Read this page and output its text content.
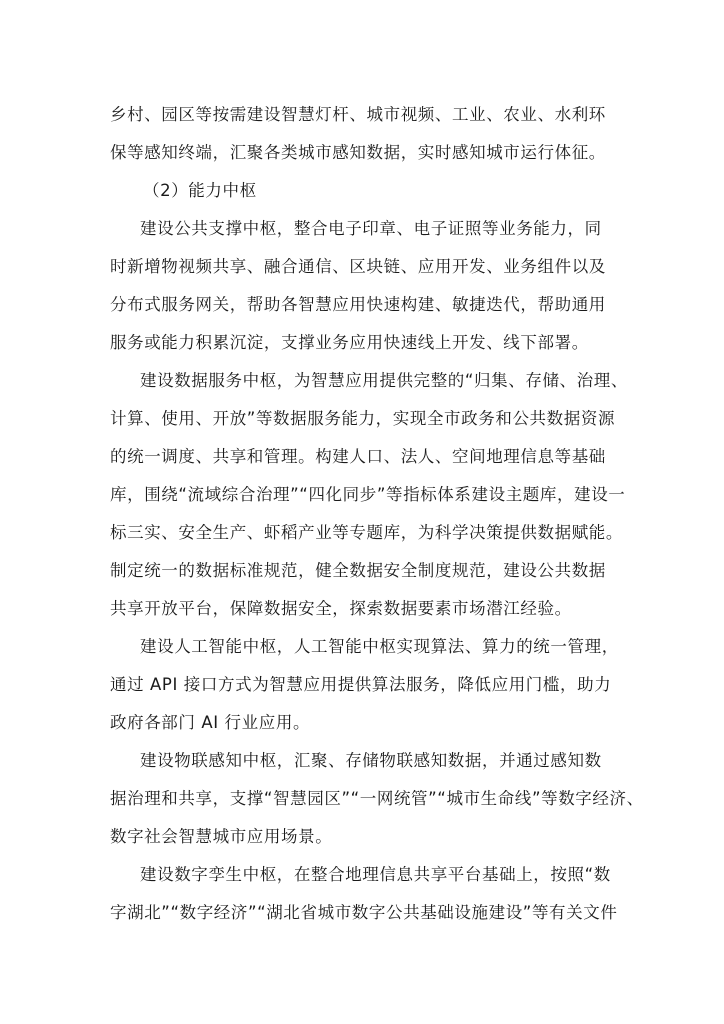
乡村、园区等按需建设智慧灯杆、城市视频、工业、农业、水利环
保等感知终端，汇聚各类城市感知数据，实时感知城市运行体征。
（2）能力中枢
建设公共支撑中枢，整合电子印章、电子证照等业务能力，同
时新增物视频共享、融合通信、区块链、应用开发、业务组件以及
分布式服务网关，帮助各智慧应用快速构建、敏捷迭代，帮助通用
服务或能力积累沉淀，支撑业务应用快速线上开发、线下部署。
建设数据服务中枢，为智慧应用提供完整的“归集、存储、治理、
计算、使用、开放”等数据服务能力，实现全市政务和公共数据资源
的统一调度、共享和管理。构建人口、法人、空间地理信息等基础
库，围绕“流域综合治理”“四化同步”等指标体系建设主题库，建设一
标三实、安全生产、虾稻产业等专题库，为科学决策提供数据赋能。
制定统一的数据标准规范，健全数据安全制度规范，建设公共数据
共享开放平台，保障数据安全，探索数据要素市场潜江经验。
建设人工智能中枢，人工智能中枢实现算法、算力的统一管理，
通过 API 接口方式为智慧应用提供算法服务，降低应用门槛，助力
政府各部门 AI 行业应用。
建设物联感知中枢，汇聚、存储物联感知数据，并通过感知数
据治理和共享，支撑“智慧园区”“一网统管”“城市生命线”等数字经济、
数字社会智慧城市应用场景。
建设数字孪生中枢，在整合地理信息共享平台基础上，按照“数
字湖北”“数字经济”“湖北省城市数字公共基础设施建设”等有关文件
